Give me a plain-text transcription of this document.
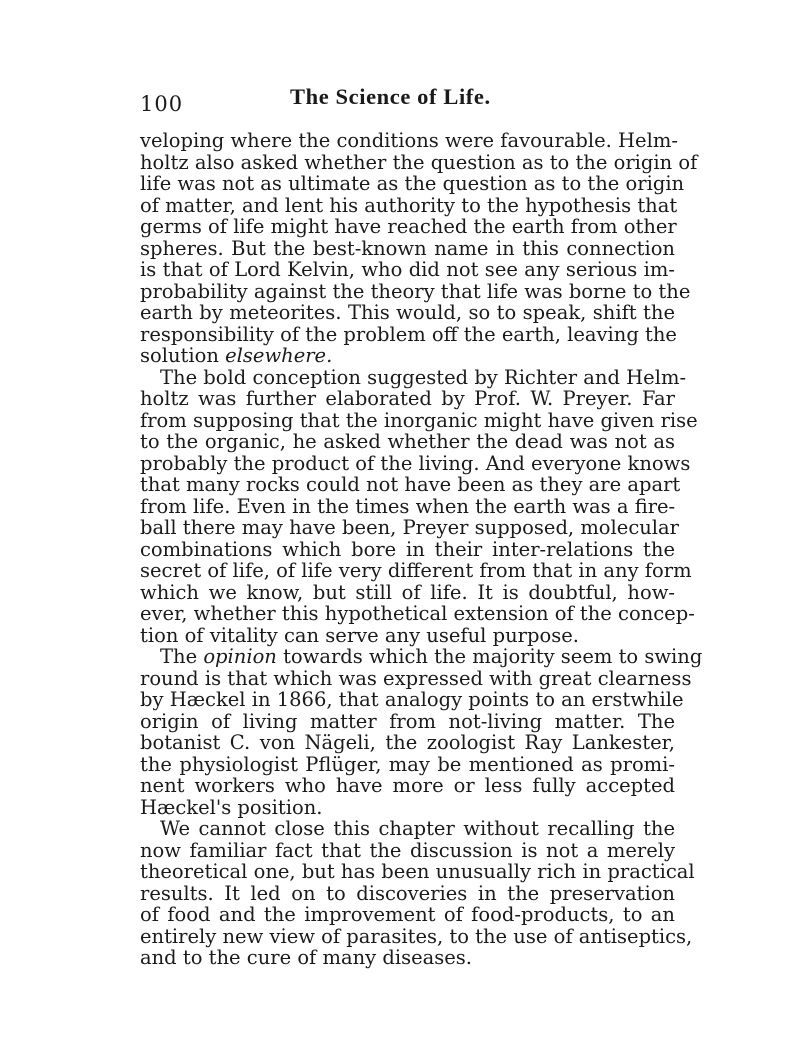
100	The Science of Life.

veloping where the conditions were favourable. Helm-
holtz also asked whether the question as to the origin of
life was not as ultimate as the question as to the origin
of matter, and lent his authority to the hypothesis that
germs of life might have reached the earth from other
spheres. But the best-known name in this connection
is that of Lord Kelvin, who did not see any serious im-
probability against the theory that life was borne to the
earth by meteorites. This would, so to speak, shift the
responsibility of the problem off the earth, leaving the
solution elsewhere.

The bold conception suggested by Richter and Helm-
holtz was further elaborated by Prof. W. Preyer. Far
from supposing that the inorganic might have given rise
to the organic, he asked whether the dead was not as
probably the product of the living. And everyone knows
that many rocks could not have been as they are apart
from life. Even in the times when the earth was a fire-
ball there may have been, Preyer supposed, molecular
combinations which bore in their inter-relations the
secret of life, of life very different from that in any form
which we know, but still of life. It is doubtful, how-
ever, whether this hypothetical extension of the concep-
tion of vitality can serve any useful purpose.

The opinion towards which the majority seem to swing
round is that which was expressed with great clearness
by Hæckel in 1866, that analogy points to an erstwhile
origin of living matter from not-living matter. The
botanist C. von Nägeli, the zoologist Ray Lankester,
the physiologist Pflüger, may be mentioned as promi-
nent workers who have more or less fully accepted
Hæckel's position.

We cannot close this chapter without recalling the
now familiar fact that the discussion is not a merely
theoretical one, but has been unusually rich in practical
results. It led on to discoveries in the preservation
of food and the improvement of food-products, to an
entirely new view of parasites, to the use of antiseptics,
and to the cure of many diseases.
